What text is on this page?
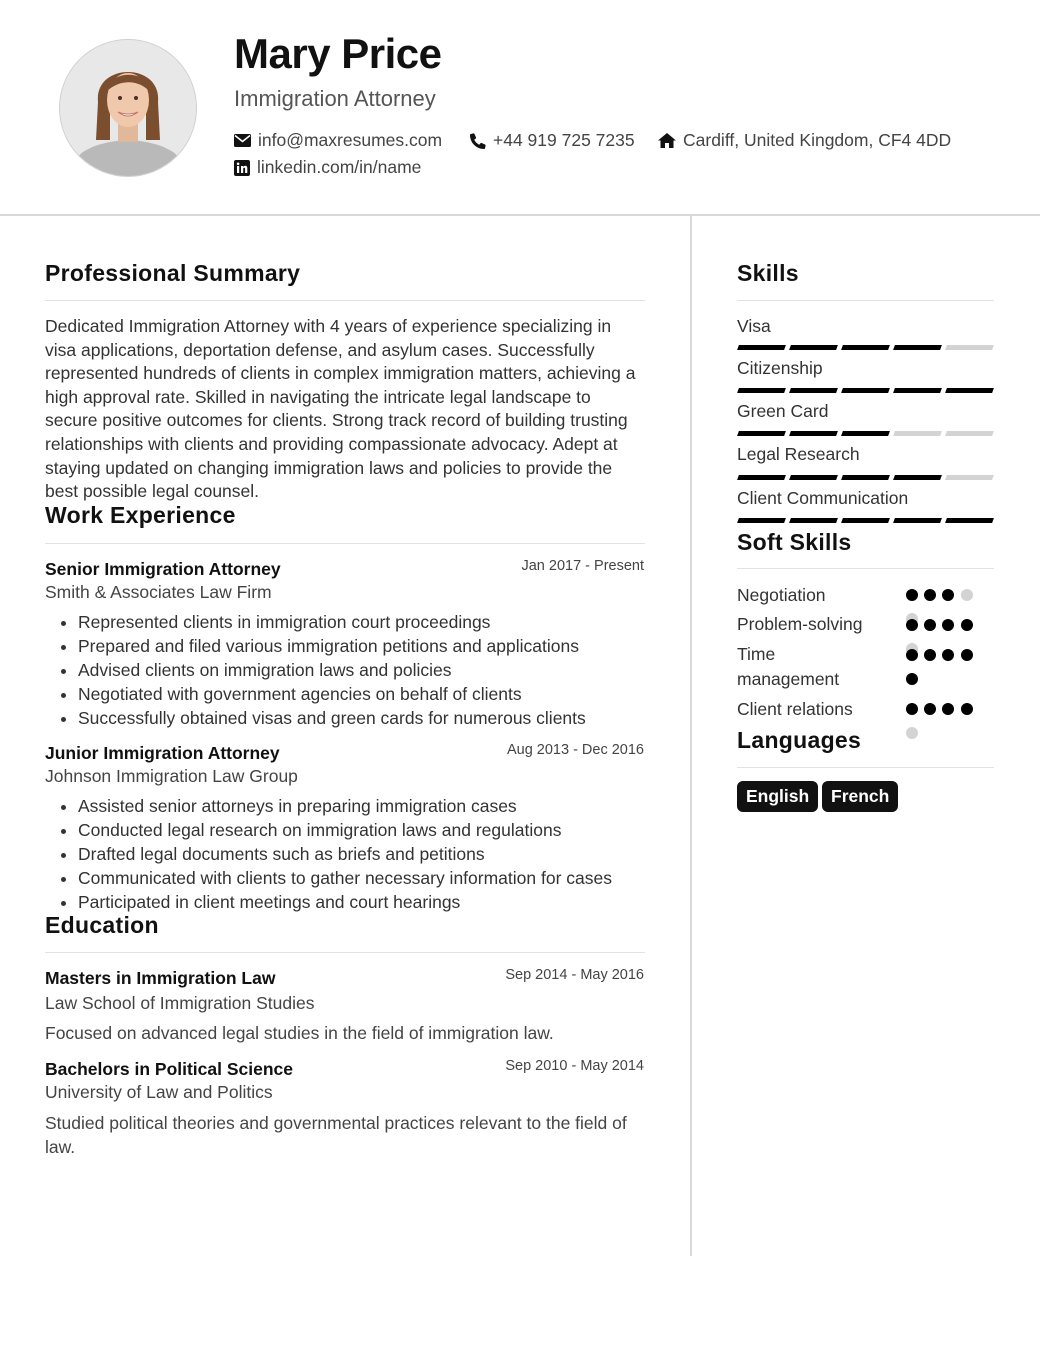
Mary Price
Immigration Attorney
info@maxresumes.com	+44 919 725 7235	Cardiff, United Kingdom, CF4 4DD
linkedin.com/in/name
Professional Summary
Dedicated Immigration Attorney with 4 years of experience specializing in visa applications, deportation defense, and asylum cases. Successfully represented hundreds of clients in complex immigration matters, achieving a high approval rate. Skilled in navigating the intricate legal landscape to secure positive outcomes for clients. Strong track record of building trusting relationships with clients and providing compassionate advocacy. Adept at staying updated on changing immigration laws and policies to provide the best possible legal counsel.
Work Experience
Senior Immigration Attorney	Jan 2017 - Present
Smith & Associates Law Firm
• Represented clients in immigration court proceedings
• Prepared and filed various immigration petitions and applications
• Advised clients on immigration laws and policies
• Negotiated with government agencies on behalf of clients
• Successfully obtained visas and green cards for numerous clients
Junior Immigration Attorney	Aug 2013 - Dec 2016
Johnson Immigration Law Group
• Assisted senior attorneys in preparing immigration cases
• Conducted legal research on immigration laws and regulations
• Drafted legal documents such as briefs and petitions
• Communicated with clients to gather necessary information for cases
• Participated in client meetings and court hearings
Education
Masters in Immigration Law	Sep 2014 - May 2016
Law School of Immigration Studies
Focused on advanced legal studies in the field of immigration law.
Bachelors in Political Science	Sep 2010 - May 2014
University of Law and Politics
Studied political theories and governmental practices relevant to the field of law.
Skills
Visa
Citizenship
Green Card
Legal Research
Client Communication
Soft Skills
Negotiation
Problem-solving
Time management
Client relations
Languages
English	French
